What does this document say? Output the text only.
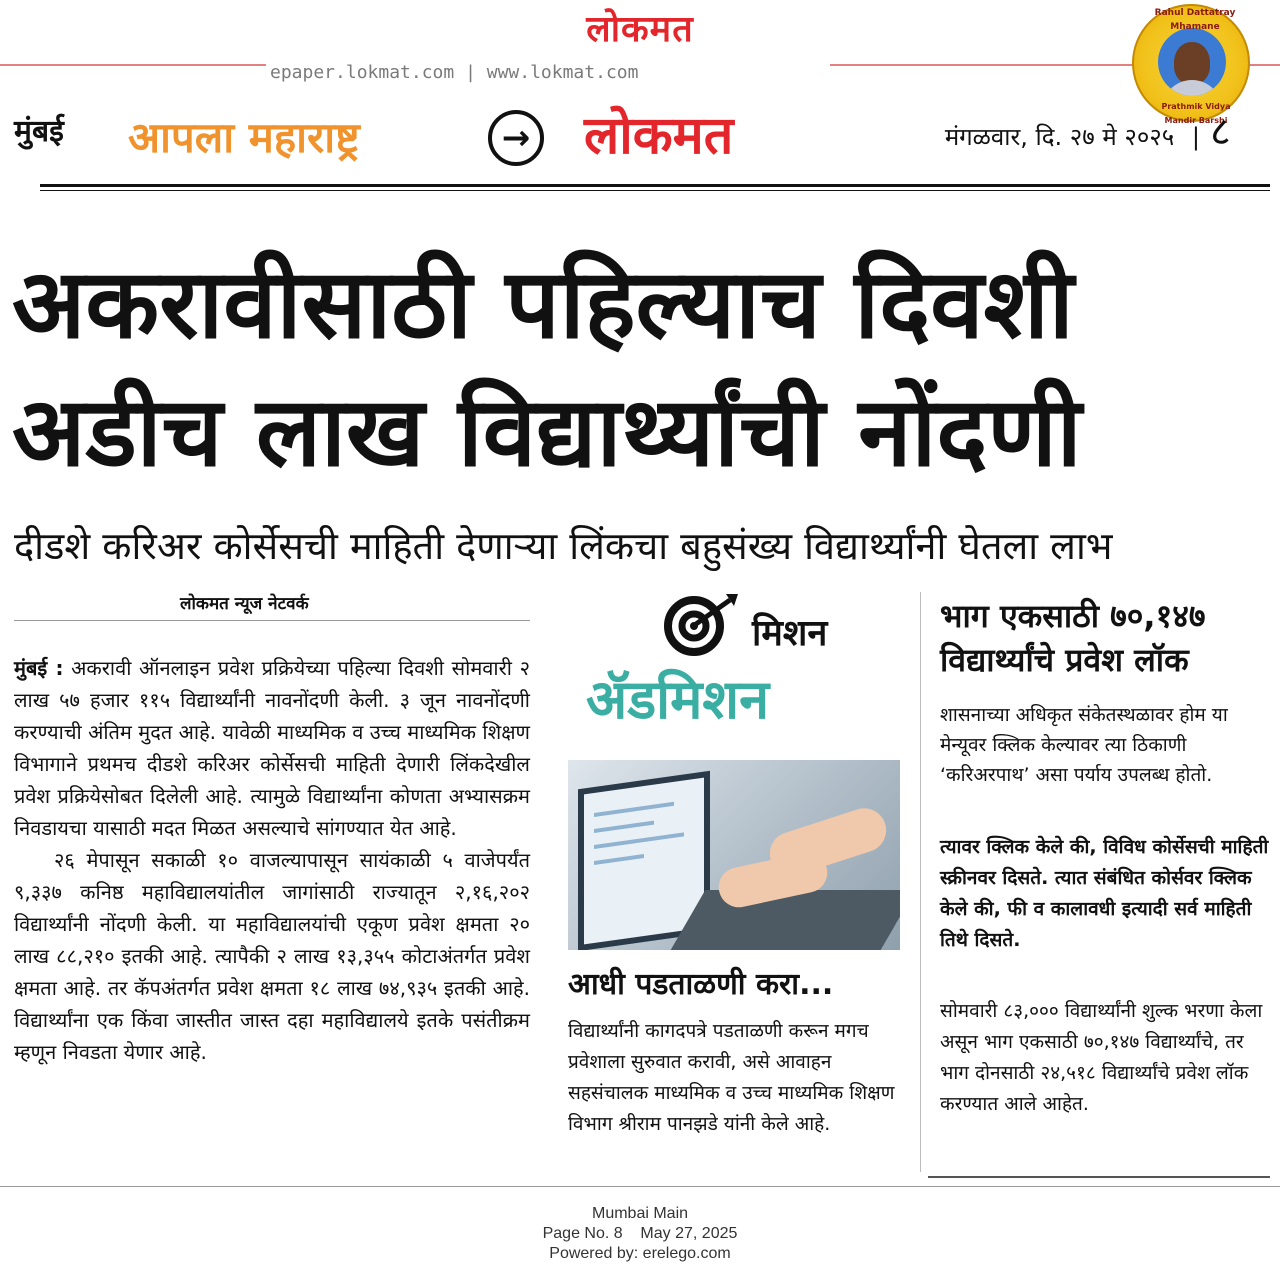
लोकमत
epaper.lokmat.com | www.lokmat.com
Rahul Dattatray Mhamane
Prathmik Vidya Mandir Barshi
मुंबई	आपला महाराष्ट्र	→ लोकमत	मंगळवार, दि. २७ मे २०२५ | ८
अकरावीसाठी पहिल्याच दिवशी अडीच लाख विद्यार्थ्यांची नोंदणी
दीडशे करिअर कोर्सेसची माहिती देणाऱ्या लिंकचा बहुसंख्य विद्यार्थ्यांनी घेतला लाभ
लोकमत न्यूज नेटवर्क

मुंबई : अकरावी ऑनलाइन प्रवेश प्रक्रियेच्या पहिल्या दिवशी सोमवारी २ लाख ५७ हजार ११५ विद्यार्थ्यांनी नावनोंदणी केली. ३ जून नावनोंदणी करण्याची अंतिम मुदत आहे. यावेळी माध्यमिक व उच्च माध्यमिक शिक्षण विभागाने प्रथमच दीडशे करिअर कोर्सेसची माहिती देणारी लिंकदेखील प्रवेश प्रक्रियेसोबत दिलेली आहे. त्यामुळे विद्यार्थ्यांना कोणता अभ्यासक्रम निवडायचा यासाठी मदत मिळत असल्याचे सांगण्यात येत आहे.

२६ मेपासून सकाळी १० वाजल्यापासून सायंकाळी ५ वाजेपर्यंत ९,३३७ कनिष्ठ महाविद्यालयांतील जागांसाठी राज्यातून २,१६,२०२ विद्यार्थ्यांनी नोंदणी केली. या महाविद्यालयांची एकूण प्रवेश क्षमता २० लाख ८८,२१० इतकी आहे. त्यापैकी २ लाख १३,३५५ कोटाअंतर्गत प्रवेश क्षमता आहे. तर कॅपअंतर्गत प्रवेश क्षमता १८ लाख ७४,९३५ इतकी आहे. विद्यार्थ्यांना एक किंवा जास्तीत जास्त दहा महाविद्यालये इतके पसंतीक्रम म्हणून निवडता येणार आहे.

मिशन
ॲडमिशन
आधी पडताळणी करा...
विद्यार्थ्यांनी कागदपत्रे पडताळणी करून मगच प्रवेशाला सुरुवात करावी, असे आवाहन सहसंचालक माध्यमिक व उच्च माध्यमिक शिक्षण विभाग श्रीराम पानझडे यांनी केले आहे.
भाग एकसाठी ७०,१४७ विद्यार्थ्यांचे प्रवेश लॉक
शासनाच्या अधिकृत संकेतस्थळावर होम या मेन्यूवर क्लिक केल्यावर त्या ठिकाणी ‘करिअरपाथ’ असा पर्याय उपलब्ध होतो.
त्यावर क्लिक केले की, विविध कोर्सेसची माहिती स्क्रीनवर दिसते. त्यात संबंधित कोर्सवर क्लिक केले की, फी व कालावधी इत्यादी सर्व माहिती तिथे दिसते.
सोमवारी ८३,००० विद्यार्थ्यांनी शुल्क भरणा केला असून भाग एकसाठी ७०,१४७ विद्यार्थ्यांचे, तर भाग दोनसाठी २४,५१८ विद्यार्थ्यांचे प्रवेश लॉक करण्यात आले आहेत.
Mumbai Main
Page No. 8    May 27, 2025
Powered by: erelego.com
